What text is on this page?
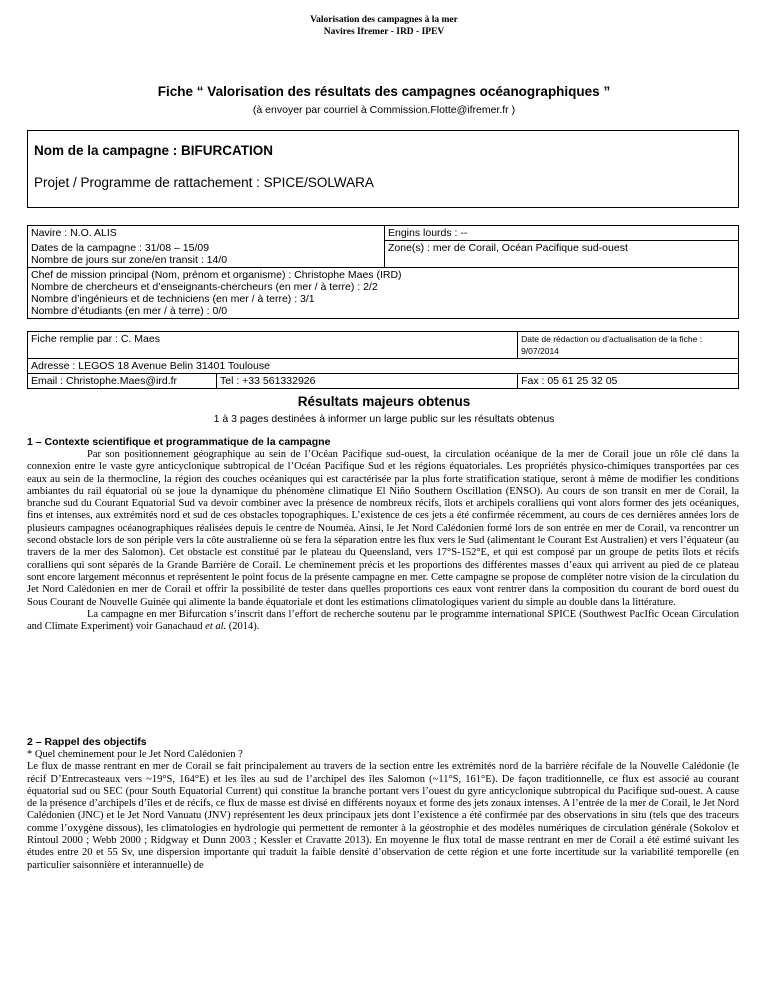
Valorisation des campagnes à la mer
Navires Ifremer - IRD - IPEV
Fiche “ Valorisation des résultats des campagnes océanographiques ”
(à envoyer par courriel à Commission.Flotte@ifremer.fr )
Nom de la campagne : BIFURCATION
Projet / Programme de rattachement : SPICE/SOLWARA
Navire : N.O. ALIS	Engins lourds : --

Dates de la campagne : 31/08 – 15/09
Nombre de jours sur zone/en transit : 14/0	Zone(s) : mer de Corail, Océan Pacifique sud-ouest

Chef de mission principal (Nom, prénom et organisme) : Christophe Maes (IRD)
Nombre de chercheurs et d’enseignants-chercheurs (en mer / à terre) : 2/2
Nombre d’ingénieurs et de techniciens (en mer / à terre) : 3/1
Nombre d’étudiants (en mer / à terre) : 0/0	
Fiche remplie par : C. Maes		Date de rédaction ou d’actualisation de la fiche : 9/07/2014

Adresse : LEGOS 18 Avenue Belin 31401 Toulouse		

Email : Christophe.Maes@ird.fr	Tel : +33 561332926	Fax : 05 61 25 32 05
Résultats majeurs obtenus
1 à 3 pages destinées à informer un large public sur les résultats obtenus
1 – Contexte scientifique et programmatique de la campagne

Par son positionnement géographique au sein de l’Océan Pacifique sud-ouest, la circulation océanique de la mer de Corail joue un rôle clé dans la connexion entre le vaste gyre anticyclonique subtropical de l’Océan Pacifique Sud et les régions équatoriales. Les propriétés physico-chimiques transportées par ces eaux au sein de la thermocline, la région des couches océaniques qui est caractérisée par la plus forte stratification statique, seront à même de modifier les conditions ambiantes du rail équatorial où se joue la dynamique du phénomène climatique El Niño Southern Oscillation (ENSO). Au cours de son transit en mer de Corail, la branche sud du Courant Equatorial Sud va devoir combiner avec la présence de nombreux récifs, îlots et archipels coralliens qui vont alors former des jets océaniques, fins et intenses, aux extrémités nord et sud de ces obstacles topographiques. L’existence de ces jets a été confirmée récemment, au cours de ces dernières années lors de plusieurs campagnes océanographiques réalisées depuis le centre de Nouméa. Ainsi, le Jet Nord Calédonien formé lors de son entrée en mer de Corail, va rencontrer un second obstacle lors de son périple vers la côte australienne où se fera la séparation entre les flux vers le Sud (alimentant le Courant Est Australien) et vers l’équateur (au travers de la mer des Salomon). Cet obstacle est constitué par le plateau du Queensland, vers 17°S-152°E, et qui est composé par un groupe de petits îlots et récifs coralliens qui sont séparés de la Grande Barrière de Corail. Le cheminement précis et les proportions des différentes masses d’eaux qui arrivent au pied de ce plateau sont encore largement méconnus et représentent le point focus de la présente campagne en mer. Cette campagne se propose de compléter notre vision de la circulation du Jet Nord Calédonien en mer de Corail et offrir la possibilité de tester dans quelles proportions ces eaux vont rentrer dans la composition du courant de bord ouest du Sous Courant de Nouvelle Guinée qui alimente la bande équatoriale et dont les estimations climatologiques varient du simple au double dans la littérature.

La campagne en mer Bifurcation s’inscrit dans l’effort de recherche soutenu par le programme international SPICE (Southwest PacIfic Ocean Circulation and Climate Experiment) voir Ganachaud et al. (2014).

2 – Rappel des objectifs

* Quel cheminement pour le Jet Nord Calédonien ?

Le flux de masse rentrant en mer de Corail se fait principalement au travers de la section entre les extrémités nord de la barrière récifale de la Nouvelle Calédonie (le récif D’Entrecasteaux vers ~19°S, 164°E) et les îles au sud de l’archipel des îles Salomon (~11°S, 161°E). De façon traditionnelle, ce flux est associé au courant équatorial sud ou SEC (pour South Equatorial Current) qui constitue la branche portant vers l’ouest du gyre anticyclonique subtropical du Pacifique sud-ouest. A cause de la présence d’archipels d’îles et de récifs, ce flux de masse est divisé en différents noyaux et forme des jets zonaux intenses. A l’entrée de la mer de Corail, le Jet Nord Calédonien (JNC) et le Jet Nord Vanuatu (JNV) représentent les deux principaux jets dont l’existence a été confirmée par des observations in situ (tels que des traceurs comme l’oxygène dissous), les climatologies en hydrologie qui permettent de remonter à la géostrophie et des modèles numériques de circulation générale (Sokolov et Rintoul 2000 ; Webb 2000 ; Ridgway et Dunn 2003 ; Kessler et Cravatte 2013). En moyenne le flux total de masse rentrant en mer de Corail a été estimé suivant les études entre 20 et 55 Sv, une dispersion importante qui traduit la faible densité d’observation de cette région et une forte incertitude sur la variabilité temporelle (en particulier saisonnière et interannuelle) de
